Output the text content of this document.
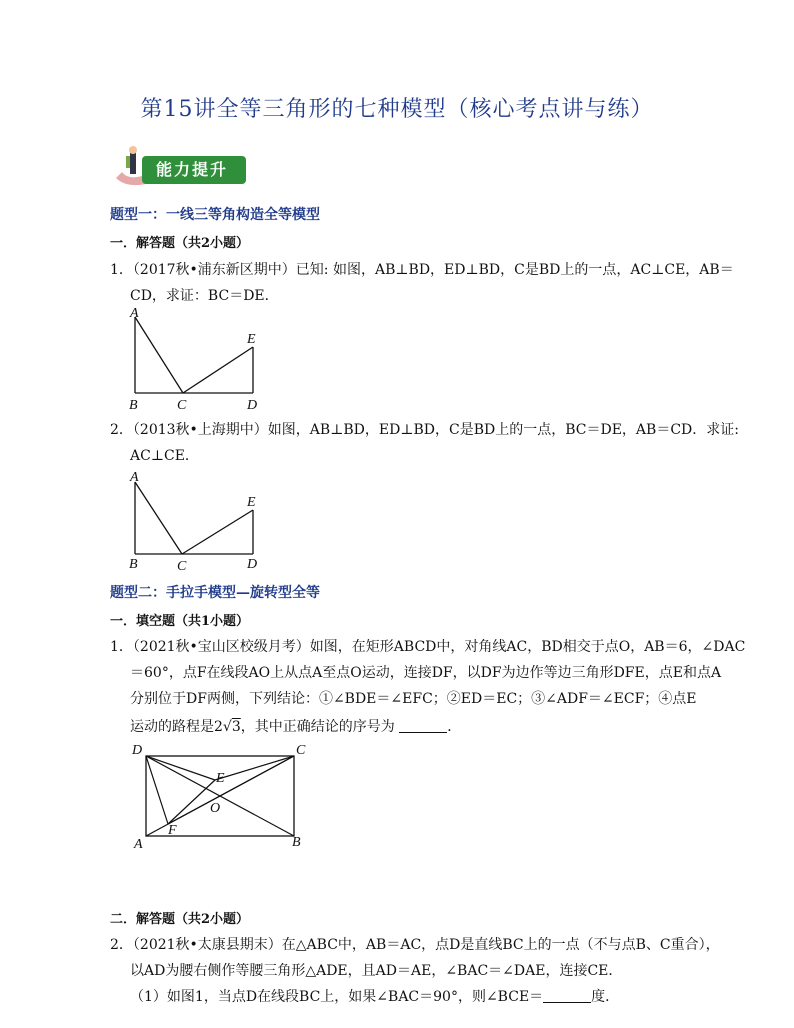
第15讲全等三角形的七种模型（核心考点讲与练）
能力提升
题型一：一线三等角构造全等模型
一．解答题（共2小题）
1．（2017秋•浦东新区期中）已知: 如图，AB⊥BD，ED⊥BD，C是BD上的一点，AC⊥CE，AB＝
CD，求证：BC＝DE．
A
B	C	D
E
2．（2013秋•上海期中）如图，AB⊥BD，ED⊥BD，C是BD上的一点，BC＝DE，AB＝CD．求证:
AC⊥CE．
A
B	C	D
E
题型二：手拉手模型—旋转型全等
一．填空题（共1小题）
1．（2021秋•宝山区校级月考）如图，在矩形ABCD中，对角线AC，BD相交于点O，AB＝6，∠DAC
＝60°，点F在线段AO上从点A至点O运动，连接DF，以DF为边作等边三角形DFE，点E和点A
分别位于DF两侧，下列结论：①∠BDE＝∠EFC；②ED＝EC；③∠ADF＝∠ECF；④点E
运动的路程是2√3，其中正确结论的序号为	．
D	C
A	B
E
O
F
二．解答题（共2小题）
2．（2021秋•太康县期末）在△ABC中，AB＝AC，点D是直线BC上的一点（不与点B、C重合），
以AD为腰右侧作等腰三角形△ADE，且AD＝AE，∠BAC＝∠DAE，连接CE．
（1）如图1，当点D在线段BC上，如果∠BAC＝90°，则∠BCE＝	度．
